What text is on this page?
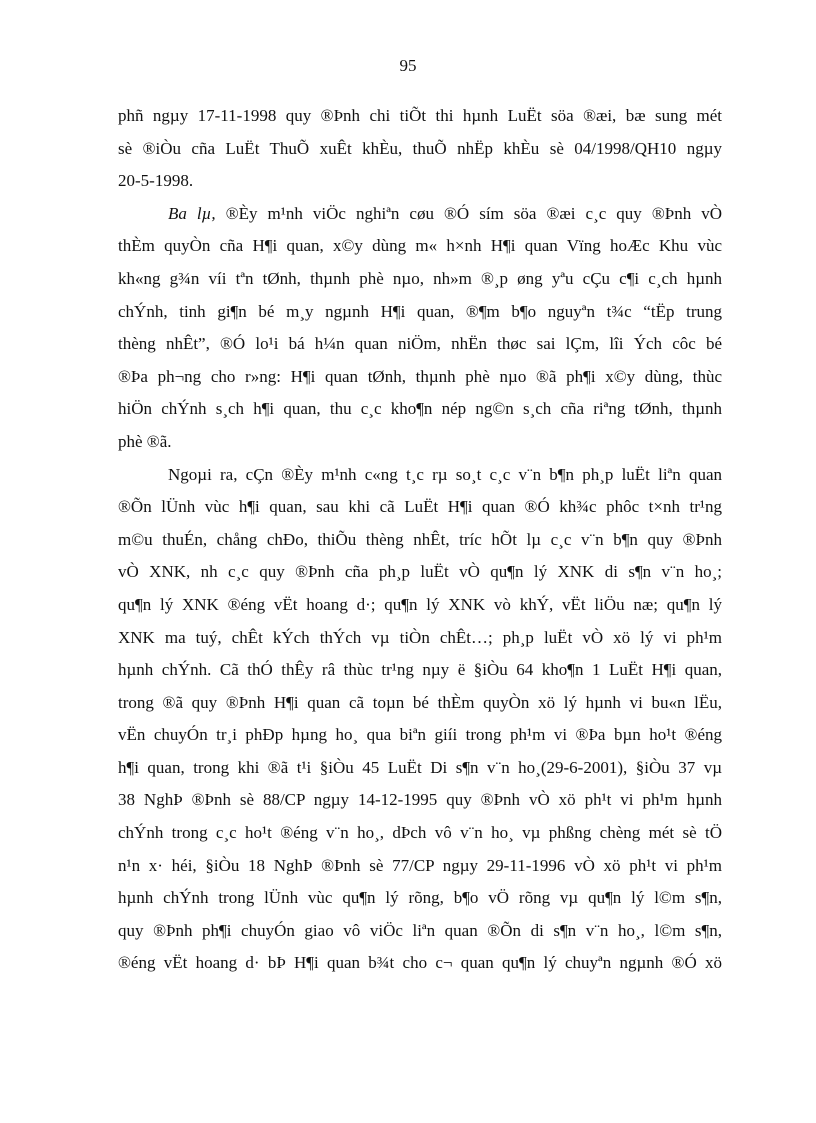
95
phñ ngµy 17-11-1998 quy ®Þnh chi tiÕt thi hµnh LuËt söa ®æi, bæ sung mét
sè ®iÒu cña LuËt ThuÕ xuÊt khÈu, thuÕ nhËp khÈu sè 04/1998/QH10 ngµy
20-5-1998.
Ba lµ, ®Èy m¹nh viÖc nghiªn cøu ®Ó sím söa ®æi c¸c quy ®Þnh vÒ
thÈm quyÒn cña H¶i quan, x©y dùng m« h×nh H¶i quan Vïng hoÆc Khu vùc
kh«ng g¾n víi tªn tØnh, thµnh phè nµo, nh»m ®¸p øng yªu cÇu c¶i c¸ch hµnh
chÝnh, tinh gi¶n bé m¸y ngµnh H¶i quan, ®¶m b¶o nguyªn t¾c “tËp trung
thèng nhÊt”, ®Ó lo¹i bá h¼n quan niÖm, nhËn thøc sai lÇm, lîi Ých côc bé
®Þa ph¬ng cho r»ng: H¶i quan tØnh, thµnh phè nµo ®ã ph¶i x©y dùng, thùc
hiÖn chÝnh s¸ch h¶i quan, thu c¸c kho¶n nép ng©n s¸ch cña riªng tØnh, thµnh
phè ®ã.
Ngoµi ra, cÇn ®Èy m¹nh c«ng t¸c rµ so¸t c¸c v¨n b¶n ph¸p luËt liªn quan
®Õn lÜnh vùc h¶i quan, sau khi cã LuËt H¶i quan ®Ó kh¾c phôc t×nh tr¹ng
m©u thuÉn, chång chÐo, thiÕu thèng nhÊt, tríc hÕt lµ c¸c v¨n b¶n quy ®Þnh
vÒ XNK, nh c¸c quy ®Þnh cña ph¸p luËt vÒ qu¶n lý XNK di s¶n v¨n ho¸;
qu¶n lý XNK ®éng vËt hoang d·; qu¶n lý XNK vò khÝ, vËt liÖu næ; qu¶n lý
XNK ma tuý, chÊt kÝch thÝch vµ tiÒn chÊt…; ph¸p luËt vÒ xö lý vi ph¹m
hµnh chÝnh. Cã thÓ thÊy râ thùc tr¹ng nµy ë §iÒu 64 kho¶n 1 LuËt H¶i quan,
trong ®ã quy ®Þnh H¶i quan cã toµn bé thÈm quyÒn xö lý hµnh vi bu«n lËu,
vËn chuyÓn tr¸i phÐp hµng ho¸ qua biªn giíi trong ph¹m vi ®Þa bµn ho¹t ®éng
h¶i quan, trong khi ®ã t¹i §iÒu 45 LuËt Di s¶n v¨n ho¸(29-6-2001), §iÒu 37 vµ
38 NghÞ ®Þnh sè 88/CP ngµy 14-12-1995 quy ®Þnh vÒ xö ph¹t vi ph¹m hµnh
chÝnh trong c¸c ho¹t ®éng v¨n ho¸, dÞch vô v¨n ho¸ vµ phßng chèng mét sè tÖ
n¹n x· héi, §iÒu 18 NghÞ ®Þnh sè 77/CP ngµy 29-11-1996 vÒ xö ph¹t vi ph¹m
hµnh chÝnh trong lÜnh vùc qu¶n lý rõng, b¶o vÖ rõng vµ qu¶n lý l©m s¶n,
quy ®Þnh ph¶i chuyÓn giao vô viÖc liªn quan ®Õn di s¶n v¨n ho¸, l©m s¶n,
®éng vËt hoang d· bÞ H¶i quan b¾t cho c¬ quan qu¶n lý chuyªn ngµnh ®Ó xö
